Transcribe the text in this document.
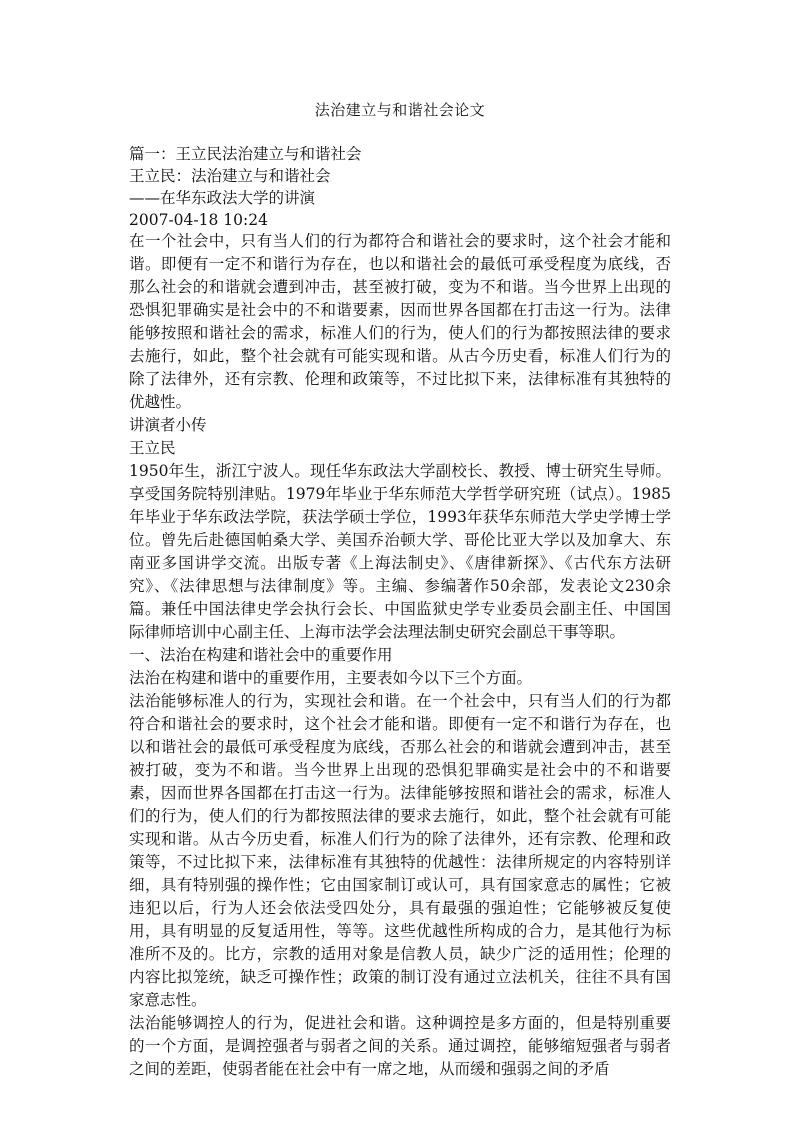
法治建立与和谐社会论文
篇一：王立民法治建立与和谐社会
王立民：法治建立与和谐社会
——在华东政法大学的讲演
2007-04-18 10:24

在一个社会中，只有当人们的行为都符合和谐社会的要求时，这个社会才能和谐。即便有一定不和谐行为存在，也以和谐社会的最低可承受程度为底线，否那么社会的和谐就会遭到冲击，甚至被打破，变为不和谐。当今世界上出现的恐惧犯罪确实是社会中的不和谐要素，因而世界各国都在打击这一行为。法律能够按照和谐社会的需求，标准人们的行为，使人们的行为都按照法律的要求去施行，如此，整个社会就有可能实现和谐。从古今历史看，标准人们行为的除了法律外，还有宗教、伦理和政策等，不过比拟下来，法律标准有其独特的优越性。

讲演者小传
王立民

1950年生，浙江宁波人。现任华东政法大学副校长、教授、博士研究生导师。享受国务院特别津贴。1979年毕业于华东师范大学哲学研究班（试点）。1985年毕业于华东政法学院，获法学硕士学位，1993年获华东师范大学史学博士学位。曾先后赴德国帕桑大学、美国乔治顿大学、哥伦比亚大学以及加拿大、东南亚多国讲学交流。出版专著《上海法制史》、《唐律新探》、《古代东方法研究》、《法律思想与法律制度》等。主编、参编著作50余部，发表论文230余篇。兼任中国法律史学会执行会长、中国监狱史学专业委员会副主任、中国国际律师培训中心副主任、上海市法学会法理法制史研究会副总干事等职。

一、法治在构建和谐社会中的重要作用

法治在构建和谐中的重要作用，主要表如今以下三个方面。

法治能够标准人的行为，实现社会和谐。在一个社会中，只有当人们的行为都符合和谐社会的要求时，这个社会才能和谐。即便有一定不和谐行为存在，也以和谐社会的最低可承受程度为底线，否那么社会的和谐就会遭到冲击，甚至被打破，变为不和谐。当今世界上出现的恐惧犯罪确实是社会中的不和谐要素，因而世界各国都在打击这一行为。法律能够按照和谐社会的需求，标准人们的行为，使人们的行为都按照法律的要求去施行，如此，整个社会就有可能实现和谐。从古今历史看，标准人们行为的除了法律外，还有宗教、伦理和政策等，不过比拟下来，法律标准有其独特的优越性：法律所规定的内容特别详细，具有特别强的操作性；它由国家制订或认可，具有国家意志的属性；它被违犯以后，行为人还会依法受四处分，具有最强的强迫性；它能够被反复使用，具有明显的反复适用性，等等。这些优越性所构成的合力，是其他行为标准所不及的。比方，宗教的适用对象是信教人员，缺少广泛的适用性；伦理的内容比拟笼统，缺乏可操作性；政策的制订没有通过立法机关，往往不具有国家意志性。

法治能够调控人的行为，促进社会和谐。这种调控是多方面的，但是特别重要的一个方面，是调控强者与弱者之间的关系。通过调控，能够缩短强者与弱者之间的差距，使弱者能在社会中有一席之地，从而缓和强弱之间的矛盾
